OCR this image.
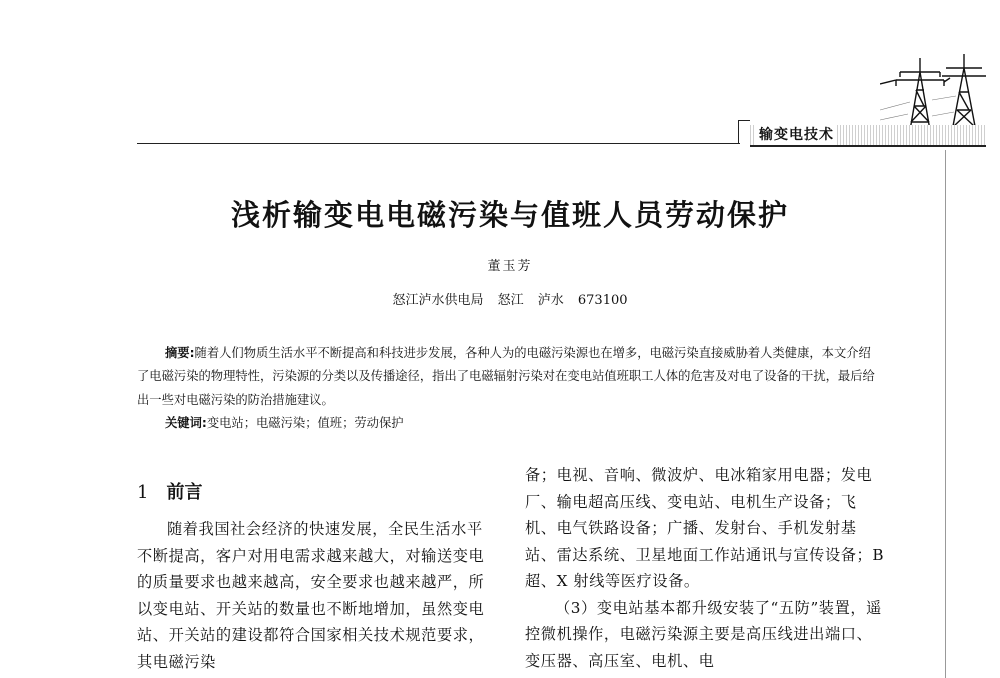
输变电技术
浅析输变电电磁污染与值班人员劳动保护
董玉芳
怒江泸水供电局 怒江 泸水 673100

摘要:随着人们物质生活水平不断提高和科技进步发展，各种人为的电磁污染源也在增多，电磁污染直接威胁着人类健康，本文介绍了电磁污染的物理特性，污染源的分类以及传播途径，指出了电磁辐射污染对在变电站值班职工人体的危害及对电了设备的干扰，最后给出一些对电磁污染的防治措施建议。

关键词:变电站；电磁污染；值班；劳动保护
1 前言

随着我国社会经济的快速发展，全民生活水平不断提高，客户对用电需求越来越大，对输送变电的质量要求也越来越高，安全要求也越来越严，所以变电站、开关站的数量也不断地增加，虽然变电站、开关站的建设都符合国家相关技术规范要求，其电磁污染

备；电视、音响、微波炉、电冰箱家用电器；发电厂、输电超高压线、变电站、电机生产设备；飞机、电气铁路设备；广播、发射台、手机发射基站、雷达系统、卫星地面工作站通讯与宣传设备；B 超、X 射线等医疗设备。

（3）变电站基本都升级安装了“五防”装置，遥控微机操作，电磁污染源主要是高压线进出端口、变压器、高压室、电机、电
